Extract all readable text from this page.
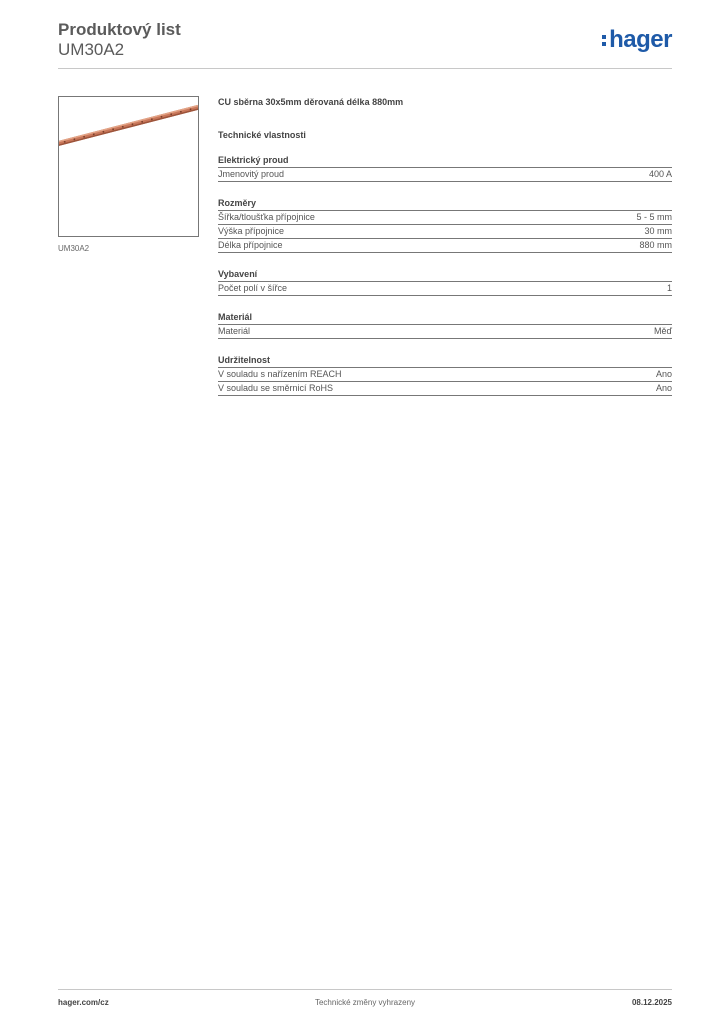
Produktový list
UM30A2	hager
UM30A2
CU sběrna 30x5mm děrovaná délka 880mm
Technické vlastnosti
Elektrický proud
Jmenovitý proud	400 A
Rozměry
Šířka/tloušťka přípojnice	5 - 5 mm
Výška přípojnice	30 mm
Délka přípojnice	880 mm
Vybavení
Počet polí v šířce	1
Materiál
Materiál	Měď
Udržitelnost
V souladu s nařízením REACH	Ano
V souladu se směrnicí RoHS	Ano
hager.com/cz	Technické změny vyhrazeny	08.12.2025
